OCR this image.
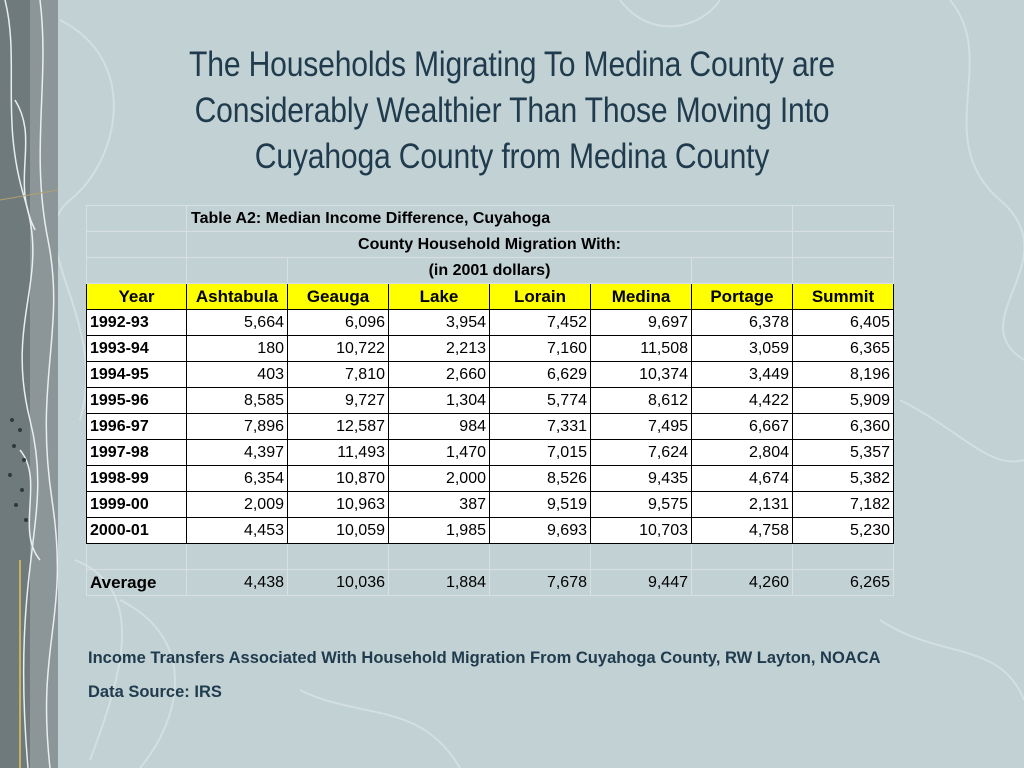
The Households Migrating To Medina County are Considerably Wealthier Than Those Moving Into Cuyahoga County from Medina County
	Table A2: Median Income Difference, Cuyahoga						
	County Household Migration With:						
		(in 2001 dollars)					
Year	Ashtabula	Geauga	Lake	Lorain	Medina	Portage	Summit
1992-93	5,664	6,096	3,954	7,452	9,697	6,378	6,405
1993-94	180	10,722	2,213	7,160	11,508	3,059	6,365
1994-95	403	7,810	2,660	6,629	10,374	3,449	8,196
1995-96	8,585	9,727	1,304	5,774	8,612	4,422	5,909
1996-97	7,896	12,587	984	7,331	7,495	6,667	6,360
1997-98	4,397	11,493	1,470	7,015	7,624	2,804	5,357
1998-99	6,354	10,870	2,000	8,526	9,435	4,674	5,382
1999-00	2,009	10,963	387	9,519	9,575	2,131	7,182
2000-01	4,453	10,059	1,985	9,693	10,703	4,758	5,230

Average	4,438	10,036	1,884	7,678	9,447	4,260	6,265

Income Transfers Associated With Household Migration From Cuyahoga County, RW Layton, NOACA

Data Source: IRS
